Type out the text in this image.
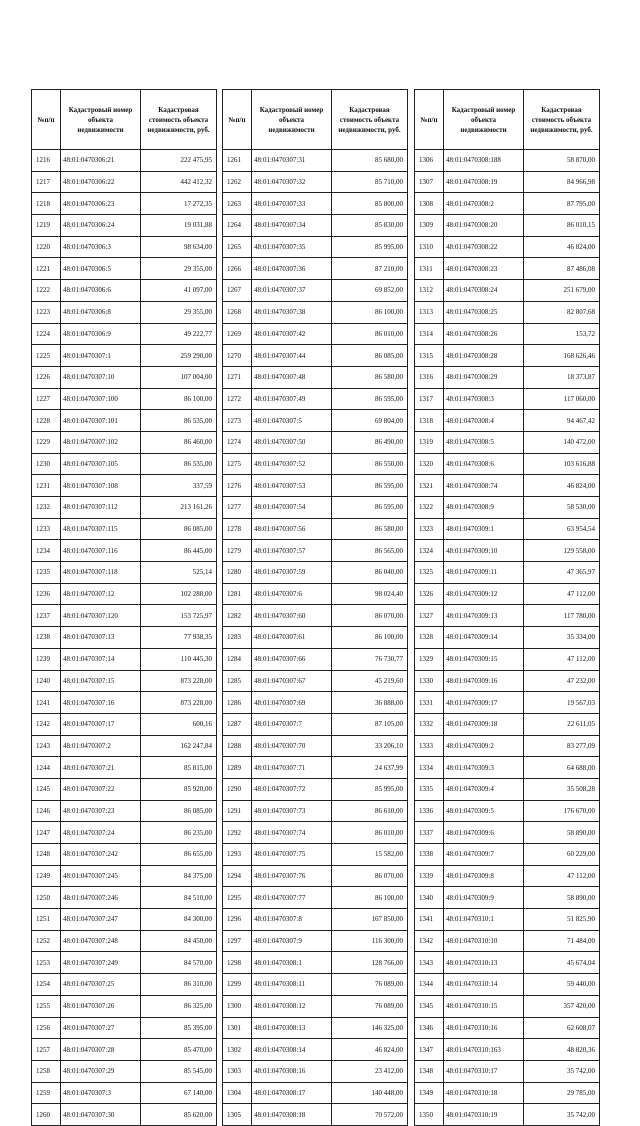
№п/п	Кадастровый номер объекта недвижимости	Кадастровая стоимость объекта недвижимости, руб.
1216	48:01:0470306:21	222 475,95
1217	48:01:0470306:22	442 412,32
1218	48:01:0470306:23	17 272,35
1219	48:01:0470306:24	19 031,88
1220	48:01:0470306:3	98 634,00
1221	48:01:0470306:5	29 355,00
1222	48:01:0470306:6	41 097,00
1223	48:01:0470306:8	29 355,00
1224	48:01:0470306:9	49 222,77
1225	48:01:0470307:1	259 290,00
1226	48:01:0470307:10	107 004,00
1227	48:01:0470307:100	86 100,00
1228	48:01:0470307:101	86 535,00
1229	48:01:0470307:102	86 460,00
1230	48:01:0470307:105	86 535,00
1231	48:01:0470307:108	337,59
1232	48:01:0470307:112	213 161,26
1233	48:01:0470307:115	86 085,00
1234	48:01:0470307:116	86 445,00
1235	48:01:0470307:118	525,14
1236	48:01:0470307:12	102 288,00
1237	48:01:0470307:120	153 725,97
1238	48:01:0470307:13	77 938,35
1239	48:01:0470307:14	110 445,30
1240	48:01:0470307:15	873 228,00
1241	48:01:0470307:16	873 228,00
1242	48:01:0470307:17	600,16
1243	48:01:0470307:2	162 247,84
1244	48:01:0470307:21	85 815,00
1245	48:01:0470307:22	85 920,00
1246	48:01:0470307:23	86 085,00
1247	48:01:0470307:24	86 235,00
1248	48:01:0470307:242	86 655,00
1249	48:01:0470307:245	84 375,00
1250	48:01:0470307:246	84 510,00
1251	48:01:0470307:247	84 300,00
1252	48:01:0470307:248	84 450,00
1253	48:01:0470307:249	84 570,00
1254	48:01:0470307:25	86 310,00
1255	48:01:0470307:26	86 325,00
1256	48:01:0470307:27	85 395,00
1257	48:01:0470307:28	85 470,00
1258	48:01:0470307:29	85 545,00
1259	48:01:0470307:3	67 140,00
1260	48:01:0470307:30	85 620,00
№п/п	Кадастровый номер объекта недвижимости	Кадастровая стоимость объекта недвижимости, руб.
1261	48:01:0470307:31	85 680,00
1262	48:01:0470307:32	85 710,00
1263	48:01:0470307:33	85 800,00
1264	48:01:0470307:34	85 830,00
1265	48:01:0470307:35	85 995,00
1266	48:01:0470307:36	87 210,00
1267	48:01:0470307:37	69 852,00
1268	48:01:0470307:38	86 100,00
1269	48:01:0470307:42	86 010,00
1270	48:01:0470307:44	86 085,00
1271	48:01:0470307:48	86 580,00
1272	48:01:0470307:49	86 595,00
1273	48:01:0470307:5	69 804,00
1274	48:01:0470307:50	86 490,00
1275	48:01:0470307:52	86 550,00
1276	48:01:0470307:53	86 595,00
1277	48:01:0470307:54	86 595,00
1278	48:01:0470307:56	86 580,00
1279	48:01:0470307:57	86 565,00
1280	48:01:0470307:59	86 040,00
1281	48:01:0470307:6	98 024,40
1282	48:01:0470307:60	86 070,00
1283	48:01:0470307:61	86 100,00
1284	48:01:0470307:66	76 730,77
1285	48:01:0470307:67	45 219,60
1286	48:01:0470307:69	36 888,00
1287	48:01:0470307:7	87 105,00
1288	48:01:0470307:70	33 206,10
1289	48:01:0470307:71	24 637,99
1290	48:01:0470307:72	85 995,00
1291	48:01:0470307:73	86 610,00
1292	48:01:0470307:74	86 010,00
1293	48:01:0470307:75	15 582,00
1294	48:01:0470307:76	86 070,00
1295	48:01:0470307:77	86 100,00
1296	48:01:0470307:8	167 850,00
1297	48:01:0470307:9	116 300,00
1298	48:01:0470308:1	128 766,00
1299	48:01:0470308:11	76 089,00
1300	48:01:0470308:12	76 089,00
1301	48:01:0470308:13	146 325,00
1302	48:01:0470308:14	46 824,00
1303	48:01:0470308:16	23 412,00
1304	48:01:0470308:17	140 448,00
1305	48:01:0470308:18	70 572,00
№п/п	Кадастровый номер объекта недвижимости	Кадастровая стоимость объекта недвижимости, руб.
1306	48:01:0470308:188	58 870,00
1307	48:01:0470308:19	84 966,98
1308	48:01:0470308:2	87 795,00
1309	48:01:0470308:20	86 010,15
1310	48:01:0470308:22	46 824,00
1311	48:01:0470308:23	87 486,08
1312	48:01:0470308:24	251 679,00
1313	48:01:0470308:25	82 807,68
1314	48:01:0470308:26	153,72
1315	48:01:0470308:28	168 626,46
1316	48:01:0470308:29	18 373,87
1317	48:01:0470308:3	117 060,00
1318	48:01:0470308:4	94 467,42
1319	48:01:0470308:5	140 472,00
1320	48:01:0470308:6	103 616,88
1321	48:01:0470308:74	46 824,00
1322	48:01:0470308:9	58 530,00
1323	48:01:0470309:1	63 954,54
1324	48:01:0470309:10	129 558,00
1325	48:01:0470309:11	47 365,97
1326	48:01:0470309:12	47 112,00
1327	48:01:0470309:13	117 780,00
1328	48:01:0470309:14	35 334,00
1329	48:01:0470309:15	47 112,00
1330	48:01:0470309:16	47 232,00
1331	48:01:0470309:17	19 567,03
1332	48:01:0470309:18	22 611,05
1333	48:01:0470309:2	83 277,09
1334	48:01:0470309:3	64 688,00
1335	48:01:0470309:4	35 508,28
1336	48:01:0470309:5	176 670,00
1337	48:01:0470309:6	58 890,00
1338	48:01:0470309:7	60 229,00
1339	48:01:0470309:8	47 112,00
1340	48:01:0470309:9	58 890,00
1341	48:01:0470310:1	51 825,90
1342	48:01:0470310:10	71 484,00
1343	48:01:0470310:13	45 674,04
1344	48:01:0470310:14	59 440,00
1345	48:01:0470310:15	357 420,00
1346	48:01:0470310:16	62 608,07
1347	48:01:0470310:163	48 820,36
1348	48:01:0470310:17	35 742,00
1349	48:01:0470310:18	29 785,00
1350	48:01:0470310:19	35 742,00
